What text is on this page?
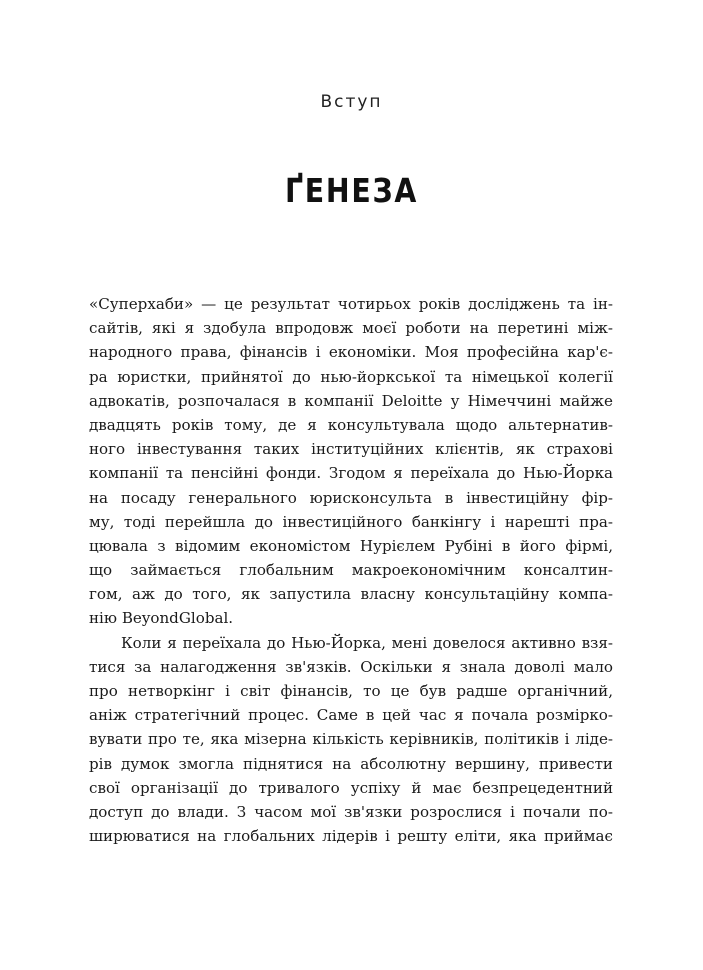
Вступ
ҐЕНЕЗА
«Суперхаби» — це результат чотирьох років досліджень та ін-
сайтів, які я здобула впродовж моєї роботи на перетині між-
народного права, фінансів і економіки. Моя професійна кар'є-
ра юристки, прийнятої до нью-йоркської та німецької колегії
адвокатів, розпочалася в компанії Deloitte у Німеччині майже
двадцять років тому, де я консультувала щодо альтернатив-
ного інвестування таких інституційних клієнтів, як страхові
компанії та пенсійні фонди. Згодом я переїхала до Нью-Йорка
на посаду генерального юрисконсульта в інвестиційну фір-
му, тоді перейшла до інвестиційного банкінгу і нарешті пра-
цювала з відомим економістом Нурієлем Рубіні в його фірмі,
що займається глобальним макроекономічним консалтин-
гом, аж до того, як запустила власну консультаційну компа-
нію BeyondGlobal.
Коли я переїхала до Нью-Йорка, мені довелося активно взя-
тися за налагодження зв'язків. Оскільки я знала доволі мало
про нетворкінг і світ фінансів, то це був радше органічний,
аніж стратегічний процес. Саме в цей час я почала розмірко-
вувати про те, яка мізерна кількість керівників, політиків і ліде-
рів думок змогла піднятися на абсолютну вершину, привести
свої організації до тривалого успіху й має безпрецедентний
доступ до влади. З часом мої зв'язки розрослися і почали по-
ширюватися на глобальних лідерів і решту еліти, яка приймає
